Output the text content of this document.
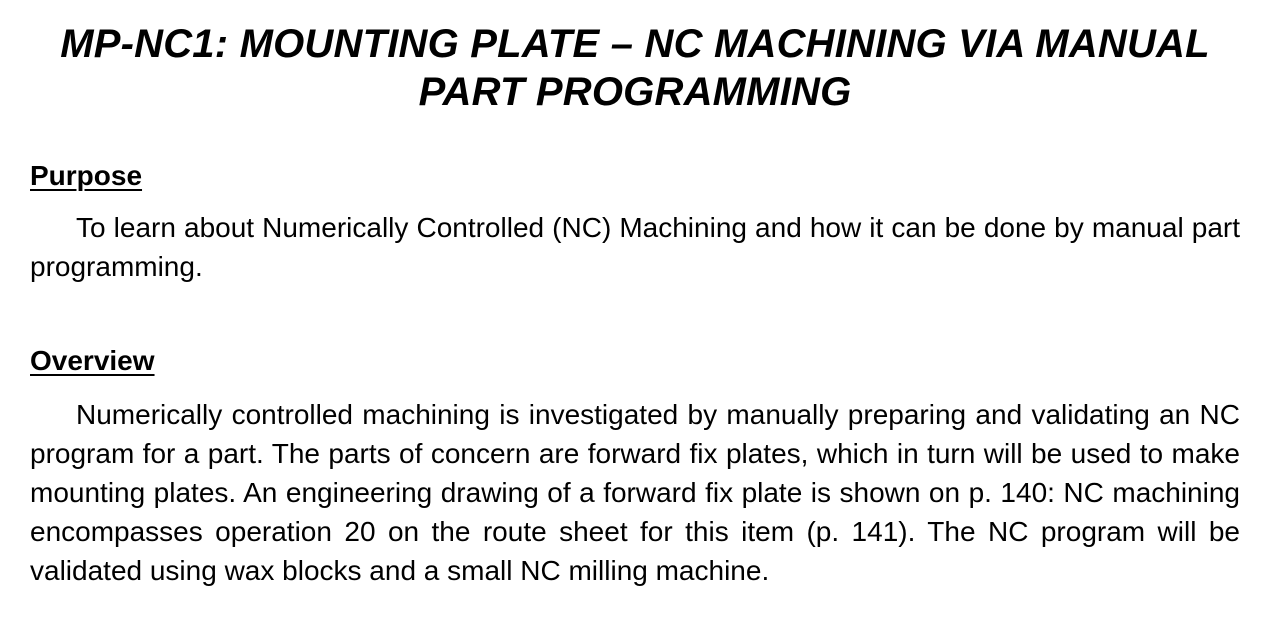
MP-NC1: MOUNTING PLATE – NC MACHINING VIA MANUAL
PART PROGRAMMING
Purpose

To learn about Numerically Controlled (NC) Machining and how it can be done by manual part programming.

Overview

Numerically controlled machining is investigated by manually preparing and validating an NC program for a part. The parts of concern are forward fix plates, which in turn will be used to make mounting plates. An engineering drawing of a forward fix plate is shown on p. 140: NC machining encompasses operation 20 on the route sheet for this item (p. 141). The NC program will be validated using wax blocks and a small NC milling machine.
